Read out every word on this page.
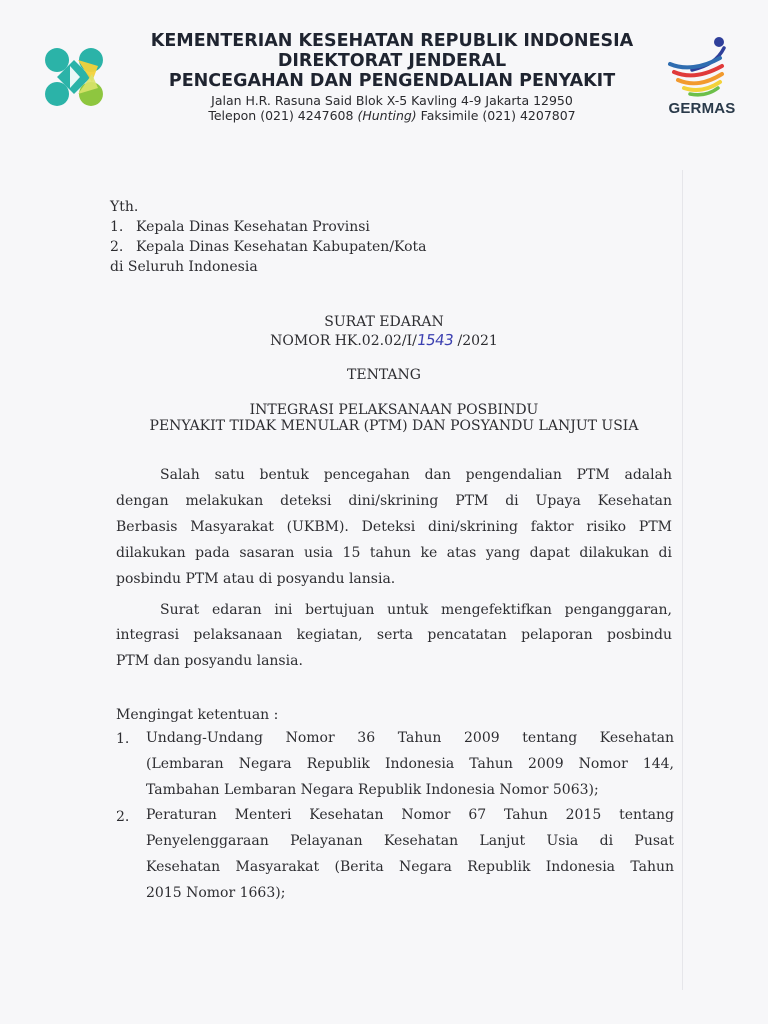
KEMENTERIAN KESEHATAN REPUBLIK INDONESIA
DIREKTORAT JENDERAL
PENCEGAHAN DAN PENGENDALIAN PENYAKIT
Jalan H.R. Rasuna Said Blok X-5 Kavling 4-9 Jakarta 12950
Telepon (021) 4247608 (Hunting) Faksimile (021) 4207807	GERMAS
Yth.
1. Kepala Dinas Kesehatan Provinsi
2. Kepala Dinas Kesehatan Kabupaten/Kota
di Seluruh Indonesia
SURAT EDARAN
NOMOR HK.02.02/I/1543 /2021
TENTANG
INTEGRASI PELAKSANAAN POSBINDU
PENYAKIT TIDAK MENULAR (PTM) DAN POSYANDU LANJUT USIA
Salah satu bentuk pencegahan dan pengendalian PTM adalah
dengan melakukan deteksi dini/skrining PTM di Upaya Kesehatan
Berbasis Masyarakat (UKBM). Deteksi dini/skrining faktor risiko PTM
dilakukan pada sasaran usia 15 tahun ke atas yang dapat dilakukan di
posbindu PTM atau di posyandu lansia.
Surat edaran ini bertujuan untuk mengefektifkan penganggaran,
integrasi pelaksanaan kegiatan, serta pencatatan pelaporan posbindu
PTM dan posyandu lansia.
Mengingat ketentuan :
1. Undang-Undang Nomor 36 Tahun 2009 tentang Kesehatan
(Lembaran Negara Republik Indonesia Tahun 2009 Nomor 144,
Tambahan Lembaran Negara Republik Indonesia Nomor 5063);
2. Peraturan Menteri Kesehatan Nomor 67 Tahun 2015 tentang
Penyelenggaraan Pelayanan Kesehatan Lanjut Usia di Pusat
Kesehatan Masyarakat (Berita Negara Republik Indonesia Tahun
2015 Nomor 1663);
